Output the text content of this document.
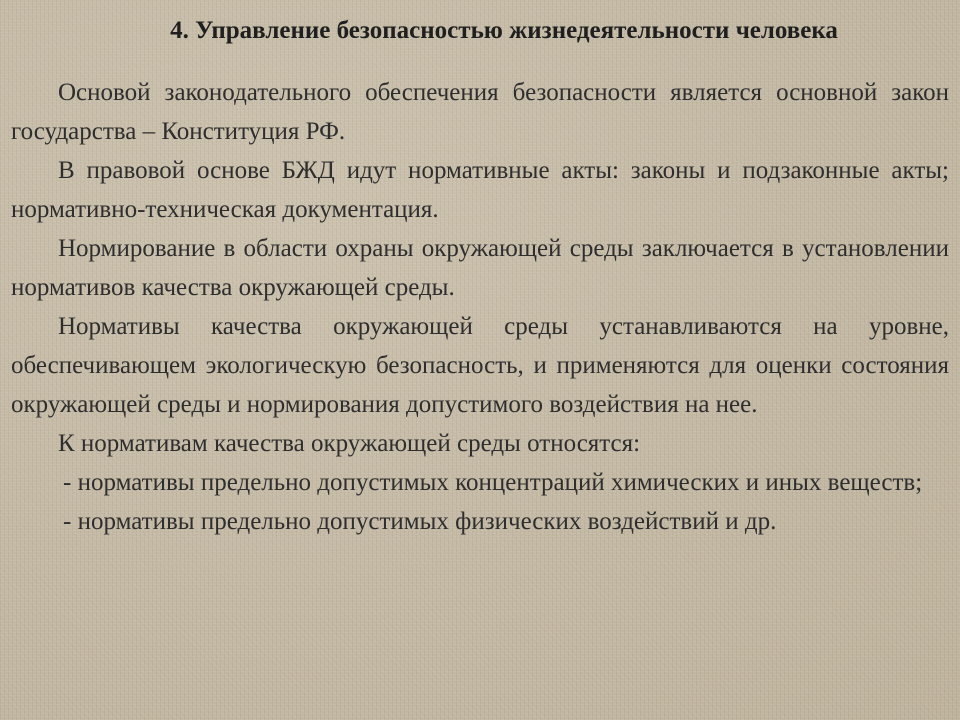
4. Управление безопасностью жизнедеятельности человека

Основой законодательного обеспечения безопасности является основной закон государства – Конституция РФ.

В правовой основе БЖД идут нормативные акты: законы и подзаконные акты; нормативно-техническая документация.

Нормирование в области охраны окружающей среды заключается в установлении нормативов качества окружающей среды.

Нормативы качества окружающей среды устанавливаются на уровне, обеспечивающем экологическую безопасность, и применяются для оценки состояния окружающей среды и нормирования допустимого воздействия на нее.

К нормативам качества окружающей среды относятся:

- нормативы предельно допустимых концентраций химических и иных веществ;

- нормативы предельно допустимых физических воздействий и др.
